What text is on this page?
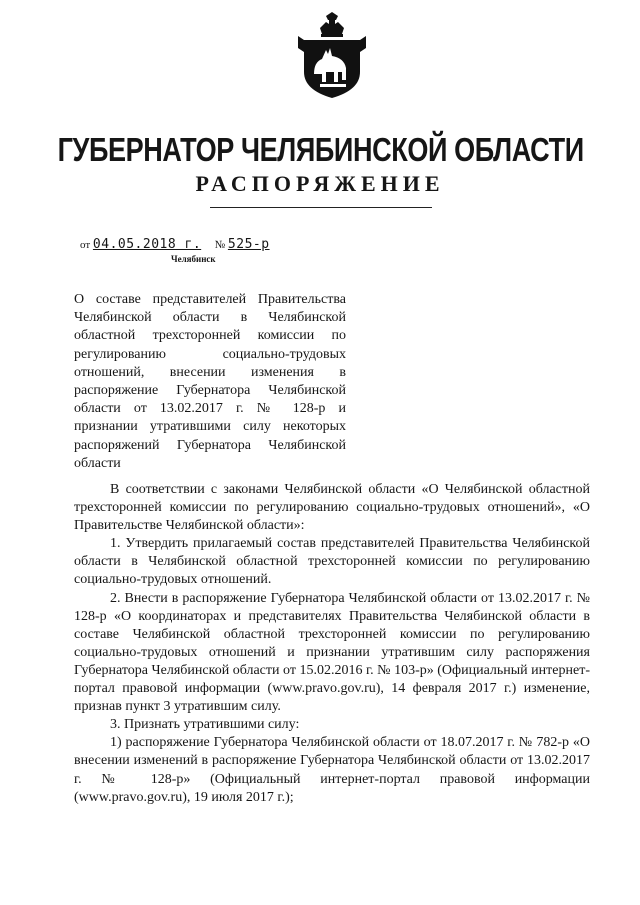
ГУБЕРНАТОР ЧЕЛЯБИНСКОЙ ОБЛАСТИ
РАСПОРЯЖЕНИЕ
от 04.05.2018 г. № 525-р
Челябинск

О составе представителей Правительства Челябинской области в Челябинской областной трехсторонней комиссии по регулированию социально-трудовых отношений, внесении изменения в распоряжение Губернатора Челябинской области от 13.02.2017 г. № 128-р и признании утратившими силу некоторых распоряжений Губернатора Челябинской области

В соответствии с законами Челябинской области «О Челябинской областной трехсторонней комиссии по регулированию социально-трудовых отношений», «О Правительстве Челябинской области»:

1. Утвердить прилагаемый состав представителей Правительства Челябинской области в Челябинской областной трехсторонней комиссии по регулированию социально-трудовых отношений.

2. Внести в распоряжение Губернатора Челябинской области от 13.02.2017 г. № 128-р «О координаторах и представителях Правительства Челябинской области в составе Челябинской областной трехсторонней комиссии по регулированию социально-трудовых отношений и признании утратившим силу распоряжения Губернатора Челябинской области от 15.02.2016 г. № 103-р» (Официальный интернет-портал правовой информации (www.pravo.gov.ru), 14 февраля 2017 г.) изменение, признав пункт 3 утратившим силу.

3. Признать утратившими силу:

1) распоряжение Губернатора Челябинской области от 18.07.2017 г. № 782-р «О внесении изменений в распоряжение Губернатора Челябинской области от 13.02.2017 г. № 128-р» (Официальный интернет-портал правовой информации (www.pravo.gov.ru), 19 июля 2017 г.);
